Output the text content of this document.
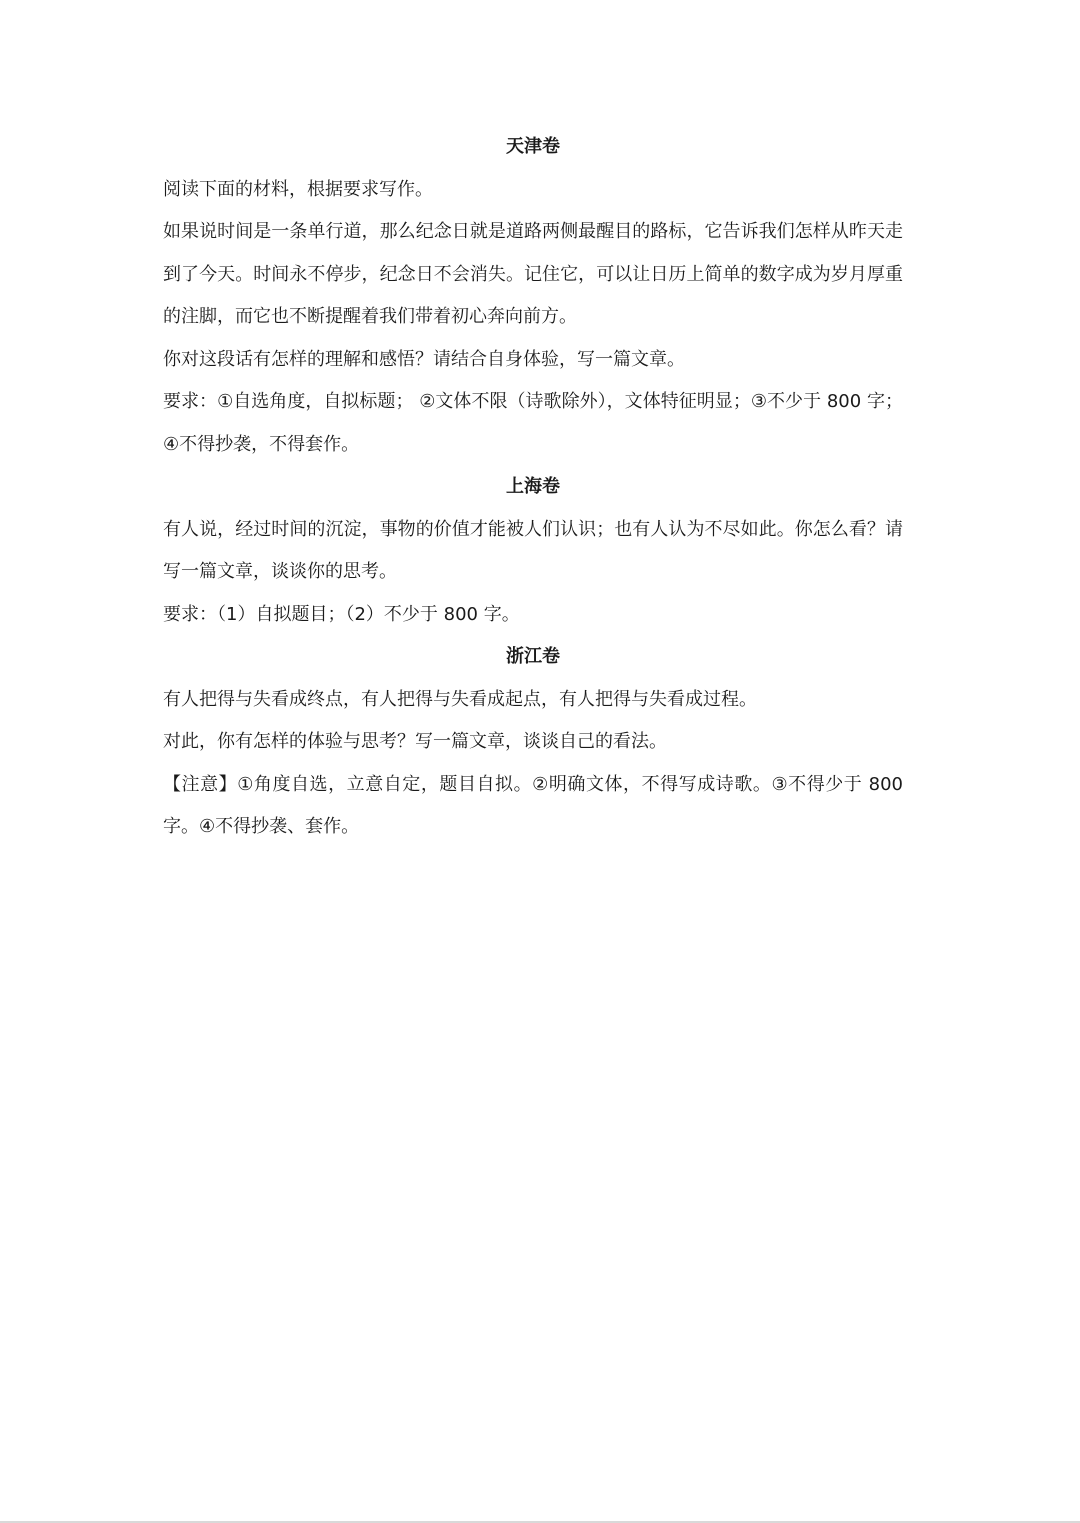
天津卷

阅读下面的材料，根据要求写作。

如果说时间是一条单行道，那么纪念日就是道路两侧最醒目的路标，它告诉我们怎样从昨天走到了今天。时间永不停步，纪念日不会消失。记住它，可以让日历上简单的数字成为岁月厚重的注脚，而它也不断提醒着我们带着初心奔向前方。

你对这段话有怎样的理解和感悟？请结合自身体验，写一篇文章。

要求：①自选角度，自拟标题； ②文体不限（诗歌除外），文体特征明显；③不少于 800 字；④不得抄袭，不得套作。

上海卷

有人说，经过时间的沉淀，事物的价值才能被人们认识；也有人认为不尽如此。你怎么看？请写一篇文章，谈谈你的思考。

要求：（1）自拟题目；（2）不少于 800 字。

浙江卷

有人把得与失看成终点，有人把得与失看成起点，有人把得与失看成过程。

对此，你有怎样的体验与思考？写一篇文章，谈谈自己的看法。

【注意】①角度自选，立意自定，题目自拟。②明确文体，不得写成诗歌。③不得少于 800 字。④不得抄袭、套作。
